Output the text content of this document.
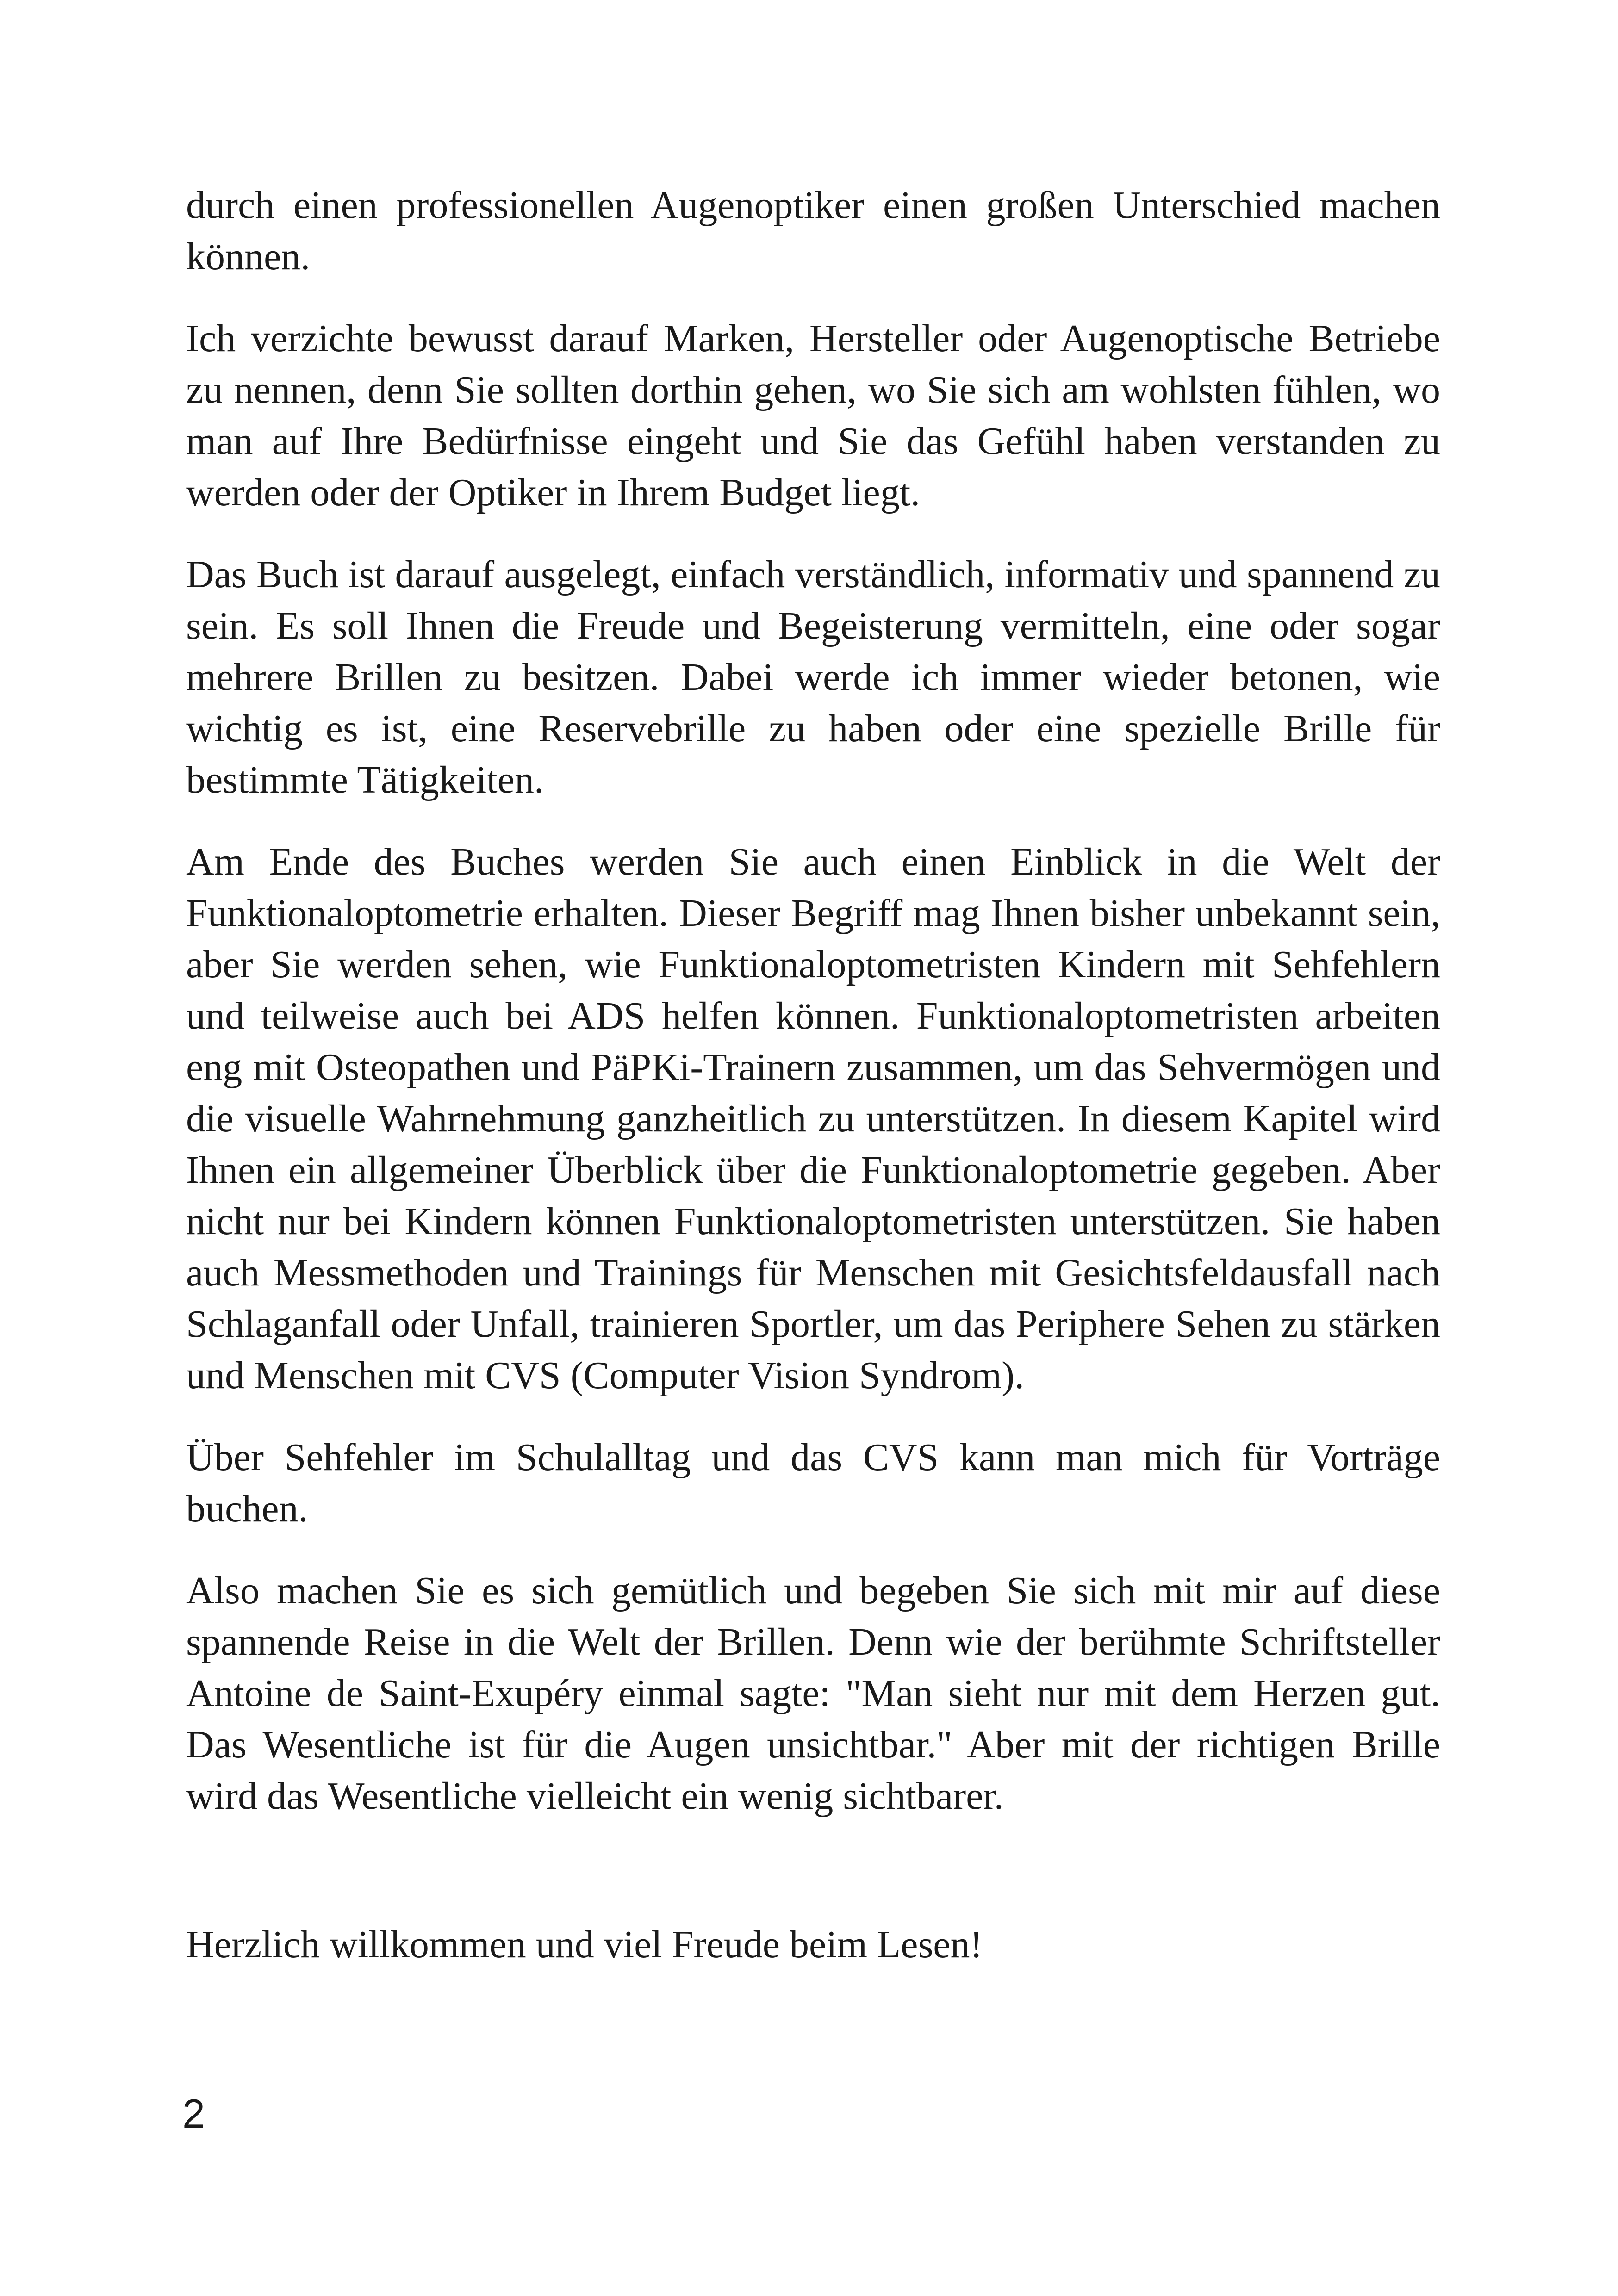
durch einen professionellen Augenoptiker einen großen Unterschied machen können.

Ich verzichte bewusst darauf Marken, Hersteller oder Augenoptische Betriebe zu nennen, denn Sie sollten dorthin gehen, wo Sie sich am wohlsten fühlen, wo man auf Ihre Bedürfnisse eingeht und Sie das Gefühl haben verstanden zu werden oder der Optiker in Ihrem Budget liegt.

Das Buch ist darauf ausgelegt, einfach verständlich, informativ und spannend zu sein. Es soll Ihnen die Freude und Begeisterung vermitteln, eine oder sogar mehrere Brillen zu besitzen. Dabei werde ich immer wieder betonen, wie wichtig es ist, eine Reservebrille zu haben oder eine spezielle Brille für bestimmte Tätigkeiten.

Am Ende des Buches werden Sie auch einen Einblick in die Welt der Funktionaloptometrie erhalten. Dieser Begriff mag Ihnen bisher unbekannt sein, aber Sie werden sehen, wie Funktionaloptometristen Kindern mit Sehfehlern und teilweise auch bei ADS helfen können. Funktionaloptometristen arbeiten eng mit Osteopathen und PäPKi-Trainern zusammen, um das Sehvermögen und die visuelle Wahrnehmung ganzheitlich zu unterstützen. In diesem Kapitel wird Ihnen ein allgemeiner Überblick über die Funktionaloptometrie gegeben. Aber nicht nur bei Kindern können Funktionaloptometristen unterstützen. Sie haben auch Messmethoden und Trainings für Menschen mit Gesichtsfeldausfall nach Schlaganfall oder Unfall, trainieren Sportler, um das Periphere Sehen zu stärken und Menschen mit CVS (Computer Vision Syndrom).

Über Sehfehler im Schulalltag und das CVS kann man mich für Vorträge buchen.

Also machen Sie es sich gemütlich und begeben Sie sich mit mir auf diese spannende Reise in die Welt der Brillen. Denn wie der berühmte Schriftsteller Antoine de Saint-Exupéry einmal sagte: "Man sieht nur mit dem Herzen gut. Das Wesentliche ist für die Augen unsichtbar." Aber mit der richtigen Brille wird das Wesentliche vielleicht ein wenig sichtbarer.

Herzlich willkommen und viel Freude beim Lesen!

2
